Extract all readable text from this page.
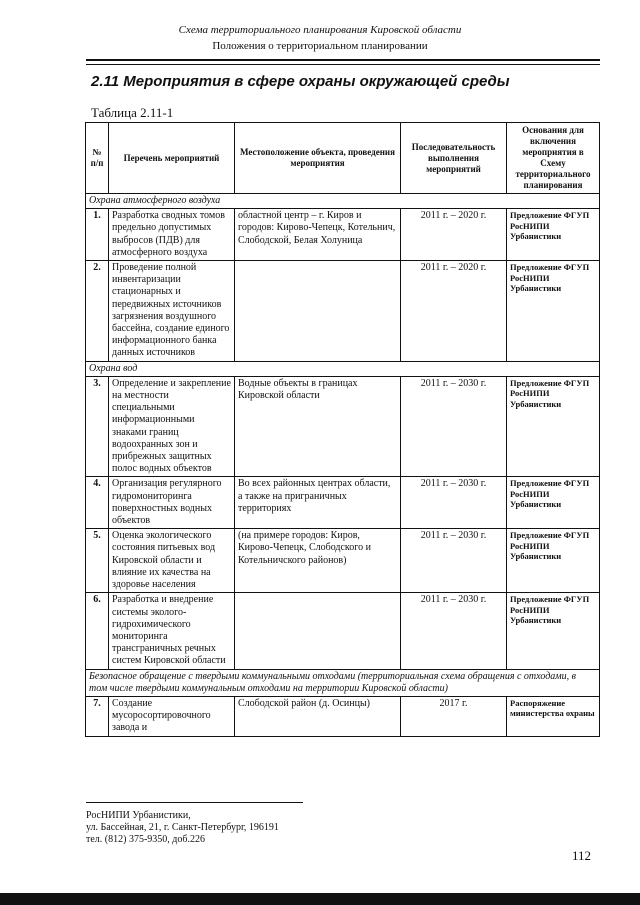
Схема территориального планирования Кировской области
Положения о территориальном планировании
2.11 Мероприятия в сфере охраны окружающей среды
Таблица 2.11-1
№ п/п	Перечень мероприятий	Местоположение объекта, проведения мероприятия	Последовательность выполнения мероприятий	Основания для включения мероприятия в Схему территориального планирования
Охрана атмосферного воздуха				
1.	Разработка сводных томов предельно допустимых выбросов (ПДВ) для атмосферного воздуха	областной центр – г. Киров и городов: Кирово-Чепецк, Котельнич, Слободской, Белая Холуница	2011 г. – 2020 г.	Предложение ФГУП РосНИПИ Урбанистики
2.	Проведение полной инвентаризации стационарных и передвижных источников загрязнения воздушного бассейна, создание единого информационного банка данных источников		2011 г. – 2020 г.	Предложение ФГУП РосНИПИ Урбанистики
Охрана вод				
3.	Определение и закрепление на местности специальными информационными знаками границ водоохранных зон и прибрежных защитных полос водных объектов	Водные объекты в границах Кировской области	2011 г. – 2030 г.	Предложение ФГУП РосНИПИ Урбанистики
4.	Организация регулярного гидромониторинга поверхностных водных объектов	Во всех районных центрах области, а также на приграничных территориях	2011 г. – 2030 г.	Предложение ФГУП РосНИПИ Урбанистики
5.	Оценка экологического состояния питьевых вод Кировской области и влияние их качества на здоровье населения	(на примере городов: Киров, Кирово-Чепецк, Слободского и Котельничского районов)	2011 г. – 2030 г.	Предложение ФГУП РосНИПИ Урбанистики
6.	Разработка и внедрение системы эколого-гидрохимического мониторинга трансграничных речных систем Кировской области		2011 г. – 2030 г.	Предложение ФГУП РосНИПИ Урбанистики
Безопасное обращение с твердыми коммунальными отходами (территориальная схема обращения с отходами, в том числе твердыми коммунальным отходами на территории Кировской области)				
7.	Создание мусоросортировочного завода и	Слободской район (д. Осинцы)	2017 г.	Распоряжение министерства охраны
РосНИПИ Урбанистики,
ул. Бассейная, 21, г. Санкт-Петербург, 196191
тел. (812) 375-9350, доб.226
112
